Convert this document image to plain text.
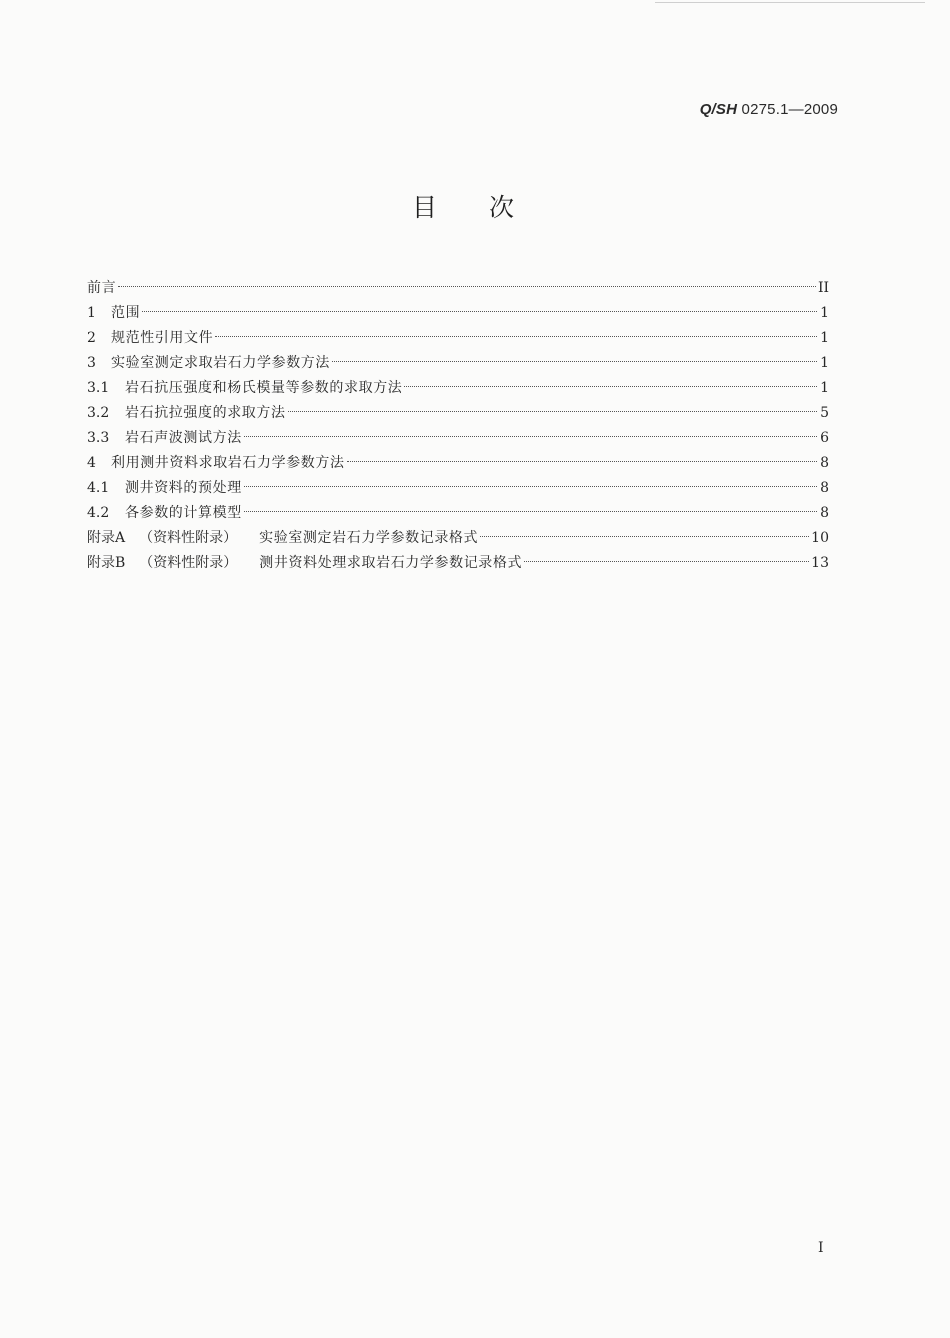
Q/SH 0275.1—2009
目次
前言	II
1	范围	1
2	规范性引用文件	1
3	实验室测定求取岩石力学参数方法	1
3.1	岩石抗压强度和杨氏模量等参数的求取方法	1
3.2	岩石抗拉强度的求取方法	5
3.3	岩石声波测试方法	6
4	利用测井资料求取岩石力学参数方法	8
4.1	测井资料的预处理	8
4.2	各参数的计算模型	8
附录A	（资料性附录）	实验室测定岩石力学参数记录格式	10
附录B	（资料性附录）	测井资料处理求取岩石力学参数记录格式	13
I
